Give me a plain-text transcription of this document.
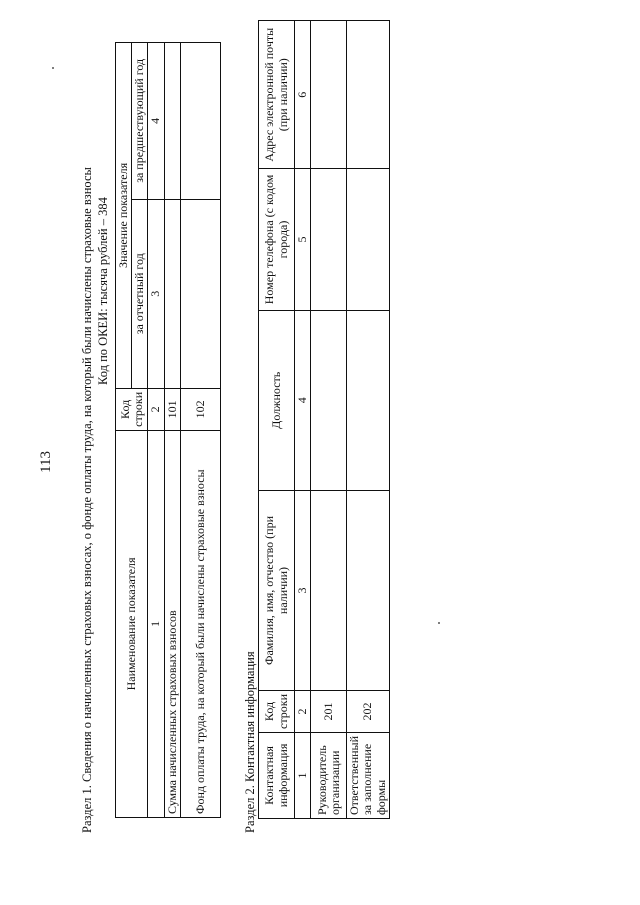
113 Раздел 1. Сведения о начисленных страховых взносах, о фонде оплаты труда, на который были начислены страховые взносы Код по ОКЕИ: тысяча рублей – 384
Наименование показателя	Код строки	Значение показателя	
		за отчетный год	за предшествующий год
1	2	3	4
Сумма начисленных страховых взносов	101		
Фонд оплаты труда, на который были начислены страховые взносы	102		
Раздел 2. Контактная информация Контактная информация	Код строки	Фамилия, имя, отчество (при наличии)	Должность	Номер телефона (с кодом города)	Адрес электронной почты (при наличии)
1	2	3	4	5	6
Руководитель организации	201				
Ответственный за заполнение формы	202				
